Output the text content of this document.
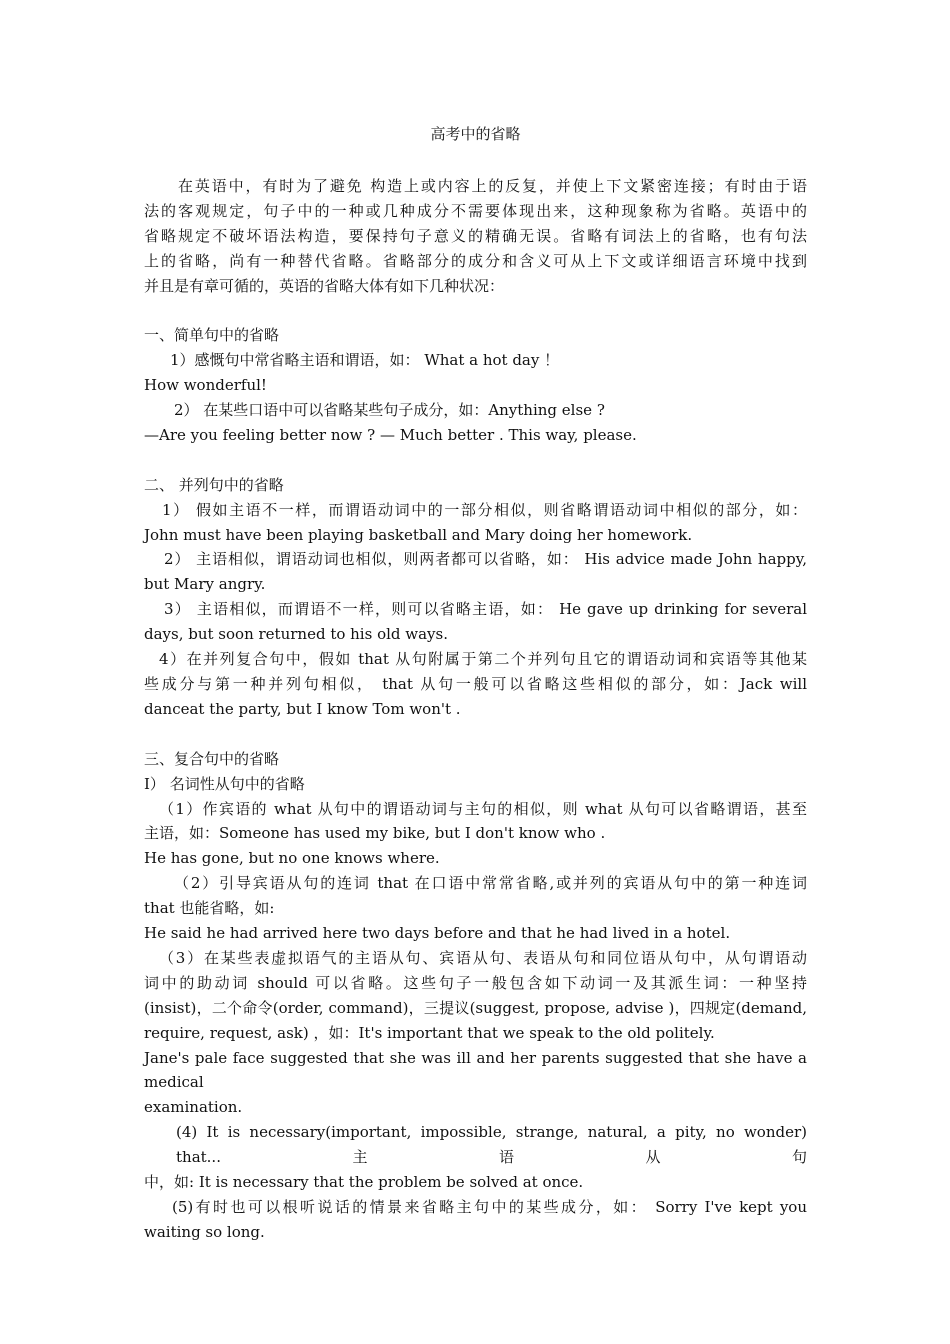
高考中的省略
在英语中，有时为了避免 构造上或内容上的反复，并使上下文紧密连接；有时由于语
法的客观规定，句子中的一种或几种成分不需要体现出来，这种现象称为省略。英语中的
省略规定不破坏语法构造，要保持句子意义的精确无误。省略有词法上的省略，也有句法
上的省略，尚有一种替代省略。省略部分的成分和含义可从上下文或详细语言环境中找到
并且是有章可循的，英语的省略大体有如下几种状况：
一、简单句中的省略
1）感慨句中常省略主语和谓语，如： What a hot day ！
How wonderful!
2） 在某些口语中可以省略某些句子成分，如：Anything else ?
—Are you feeling better now ? — Much better . This way, please.
二、 并列句中的省略
1） 假如主语不一样，而谓语动词中的一部分相似，则省略谓语动词中相似的部分，如：
John must have been playing basketball and Mary doing her homework.
2） 主语相似，谓语动词也相似，则两者都可以省略，如： His advice made John happy,
but Mary angry.
3） 主语相似，而谓语不一样，则可以省略主语，如： He gave up drinking for several
days, but soon returned to his old ways.
4）在并列复合句中，假如 that 从句附属于第二个并列句且它的谓语动词和宾语等其他某
些成分与第一种并列句相似， that 从句一般可以省略这些相似的部分，如：Jack will
danceat the party, but I know Tom won't .
三、复合句中的省略
I） 名词性从句中的省略
（1）作宾语的 what 从句中的谓语动词与主句的相似，则 what 从句可以省略谓语，甚至
主语，如：Someone has used my bike, but I don't know who .
He has gone, but no one knows where.
（2）引导宾语从句的连词 that 在口语中常常省略,或并列的宾语从句中的第一种连词
that 也能省略，如:
He said he had arrived here two days before and that he had lived in a hotel.
（3）在某些表虚拟语气的主语从句、宾语从句、表语从句和同位语从句中，从句谓语动
词中的助动词 should 可以省略。这些句子一般包含如下动词一及其派生词：一种坚持
(insist)，二个命令(order, command)，三提议(suggest, propose, advise )，四规定(demand,
require, request, ask) ，如：It's important that we speak to the old politely.
Jane's pale face suggested that she was ill and her parents suggested that she have a medical
examination.
(4) It is necessary(important, impossible, strange, natural, a pity, no wonder) that...主语从句
中，如: It is necessary that the problem be solved at once.
(5)有时也可以根听说话的情景来省略主句中的某些成分，如： Sorry I've kept you
waiting so long.
